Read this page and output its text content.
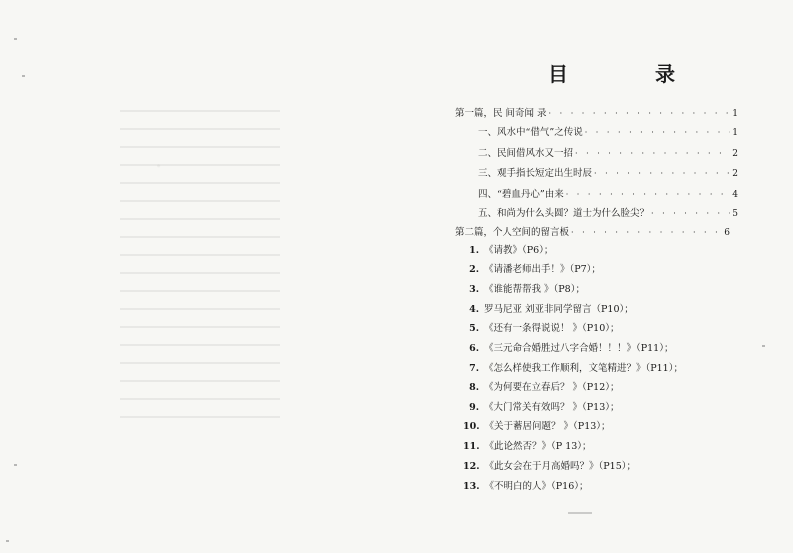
目 录
第一篇，民 间奇闻 录 · · ·	1
一、风水中“借气”之传说 · · ·	1
二、民间借风水又一招 · · ·	2
三、观手指长短定出生时辰 · · ·	2
四、“碧血丹心”由来 · · ·	4
五、和尚为什么头圆？道士为什么脸尖？ · · ·	5
第二篇，个人空间的留言板 · · ·	6
1. 《请教》（P6）；
2. 《请潘老师出手！》（P7）；
3. 《谁能帮帮我 》（P8）；
4. 罗马尼亚 刘亚非同学留言（P10）；
5. 《还有一条得说说！ 》（P10）；
6. 《三元命合婚胜过八字合婚！！！》（P11）；
7. 《怎么样使我工作顺利，文笔精进？》（P11）；
8. 《为何要在立春后？ 》（P12）；
9. 《大门常关有效吗？ 》（P13）；
10. 《关于蓄居问题？ 》（P13）；
11. 《此论然否？》（P 13）；
12. 《此女会在于月高婚吗？》（P15）；
13. 《不明白的人》（P16）；
